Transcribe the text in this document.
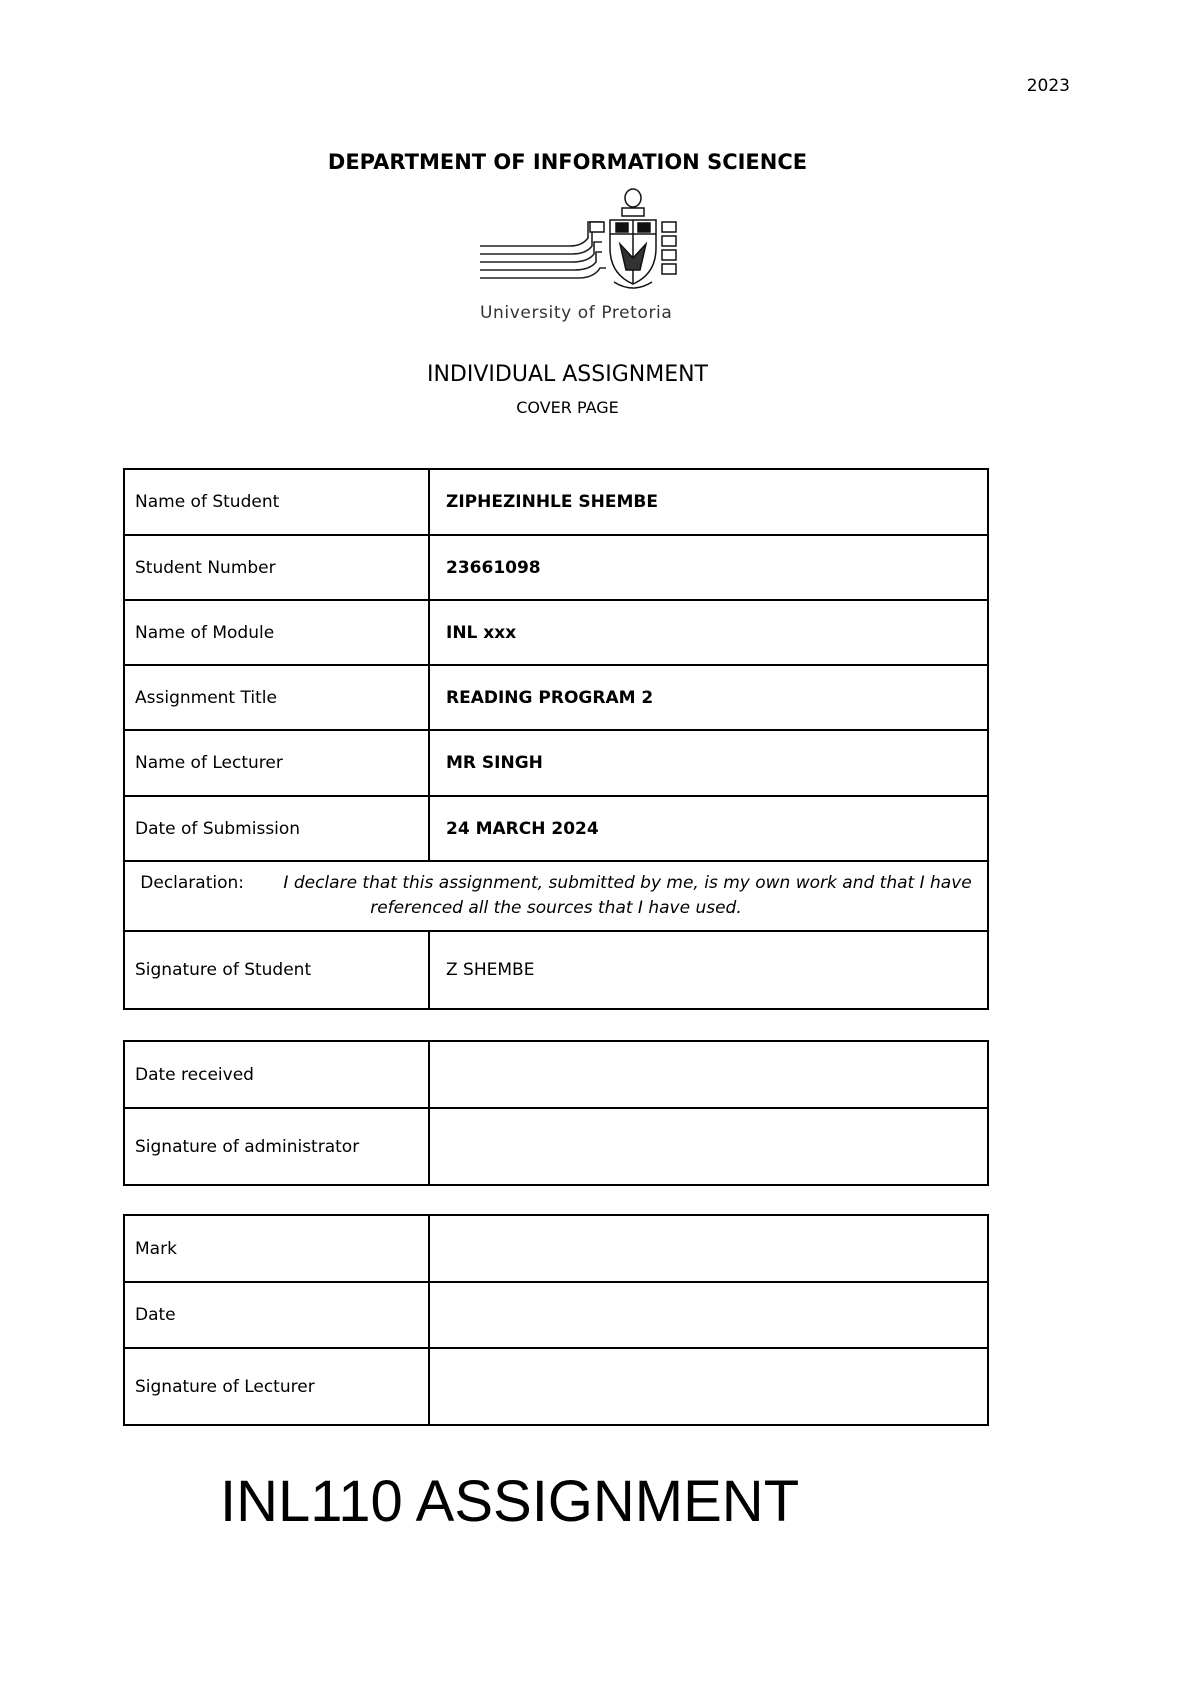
2023
DEPARTMENT OF INFORMATION SCIENCE
University of Pretoria
INDIVIDUAL ASSIGNMENT
COVER PAGE
Name of Student	ZIPHEZINHLE SHEMBE
Student Number	23661098
Name of Module	INL xxx
Assignment Title	READING PROGRAM 2
Name of Lecturer	MR SINGH
Date of Submission	24 MARCH 2024
Declaration: I declare that this assignment, submitted by me, is my own work and that I have referenced all the sources that I have used.	
Signature of Student	Z SHEMBE
Date received	
Signature of administrator	
Mark	
Date	
Signature of Lecturer	
INL110 ASSIGNMENT
